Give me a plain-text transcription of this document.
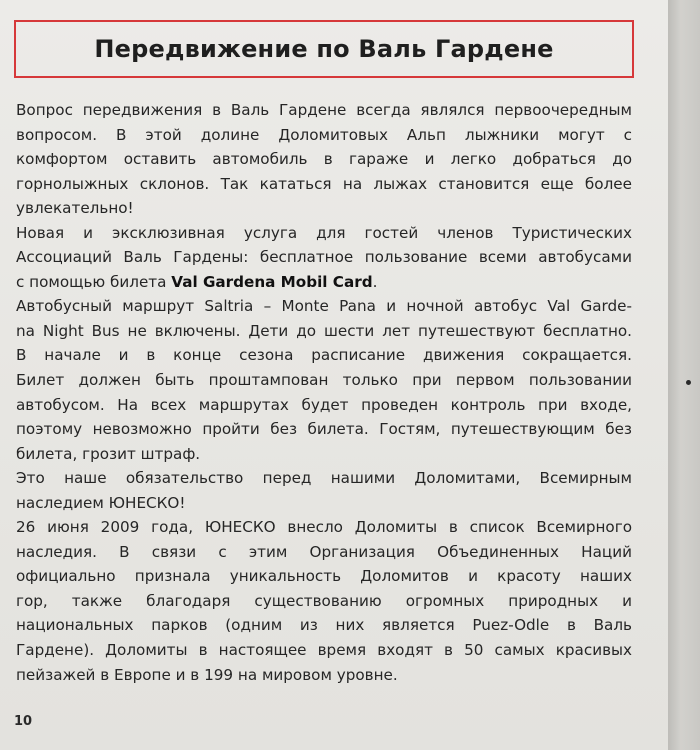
Передвижение по Валь Гардене
Вопрос передвижения в Валь Гардене всегда являлся первоочередным
вопросом. В этой долине Доломитовых Альп лыжники могут с
комфортом оставить автомобиль в гараже и легко добраться до
горнолыжных склонов. Так кататься на лыжах становится еще более
увлекательно!
Новая и эксклюзивная услуга для гостей членов Туристических
Ассоциаций Валь Гардены: бесплатное пользование всеми автобусами
с помощью билета Val Gardena Mobil Card.
Автобусный маршрут Saltria – Monte Pana и ночной автобус Val Garde-
na Night Bus не включены. Дети до шести лет путешествуют бесплатно.
В начале и в конце сезона расписание движения сокращается.
Билет должен быть проштампован только при первом пользовании
автобусом. На всех маршрутах будет проведен контроль при входе,
поэтому невозможно пройти без билета. Гостям, путешествующим без
билета, грозит штраф.
Это наше обязательство перед нашими Доломитами, Всемирным
наследием ЮНЕСКО!
26 июня 2009 года, ЮНЕСКО внесло Доломиты в список Всемирного
наследия. В связи с этим Организация Объединенных Наций
официально признала уникальность Доломитов и красоту наших
гор, также благодаря существованию огромных природных и
национальных парков (одним из них является Puez-Odle в Валь
Гардене). Доломиты в настоящее время входят в 50 самых красивых
пейзажей в Европе и в 199 на мировом уровне.
10
